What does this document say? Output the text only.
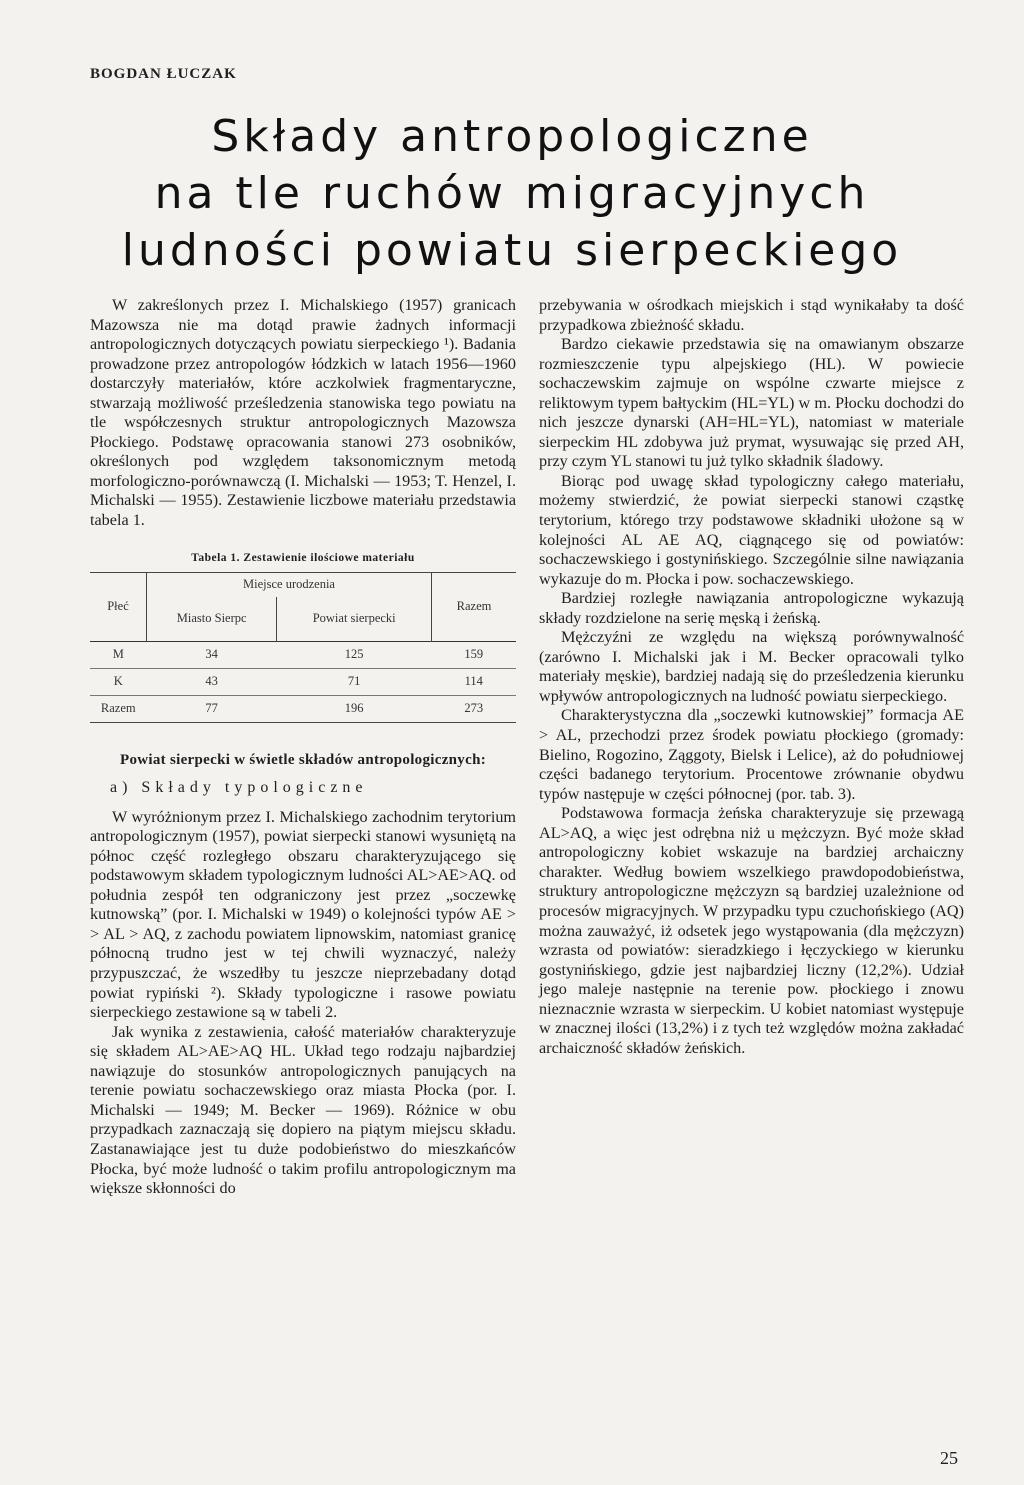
BOGDAN ŁUCZAK
Składy antropologiczne
na tle ruchów migracyjnych
ludności powiatu sierpeckiego

W zakreślonych przez I. Michalskiego (1957) granicach Mazowsza nie ma dotąd prawie żadnych informacji antropologicznych dotyczących powiatu sierpeckiego ¹). Badania prowadzone przez antropologów łódzkich w latach 1956—1960 dostarczyły materiałów, które aczkolwiek fragmentaryczne, stwarzają możliwość prześledzenia stanowiska tego powiatu na tle współczesnych struktur antropologicznych Mazowsza Płockiego. Podstawę opracowania stanowi 273 osobników, określonych pod względem taksonomicznym metodą morfologiczno-porównawczą (I. Michalski — 1953; T. Henzel, I. Michalski — 1955). Zestawienie liczbowe materiału przedstawia tabela 1.

Tabela 1. Zestawienie ilościowe materiału
Płeć	Miejsce urodzenia		Razem
	Miasto Sierpc	Powiat sierpecki	
M	34	125	159
K	43	71	114
Razem	77	196	273
Powiat sierpecki w świetle składów antropologicznych:
a) Składy typologiczne

W wyróżnionym przez I. Michalskiego zachodnim terytorium antropologicznym (1957), powiat sierpecki stanowi wysuniętą na północ część rozległego obszaru charakteryzującego się podstawowym składem typologicznym ludności AL>AE>AQ. od południa zespół ten odgraniczony jest przez „soczewkę kutnowską” (por. I. Michalski w 1949) o kolejności typów AE > > AL > AQ, z zachodu powiatem lipnowskim, natomiast granicę północną trudno jest w tej chwili wyznaczyć, należy przypuszczać, że wszedłby tu jeszcze nieprzebadany dotąd powiat rypiński ²). Składy typologiczne i rasowe powiatu sierpeckiego zestawione są w tabeli 2.

Jak wynika z zestawienia, całość materiałów charakteryzuje się składem AL>AE>AQ HL. Układ tego rodzaju najbardziej nawiązuje do stosunków antropologicznych panujących na terenie powiatu sochaczewskiego oraz miasta Płocka (por. I. Michalski — 1949; M. Becker — 1969). Różnice w obu przypadkach zaznaczają się dopiero na piątym miejscu składu. Zastanawiające jest tu duże podobieństwo do mieszkańców Płocka, być może ludność o takim profilu antropologicznym ma większe skłonności do

przebywania w ośrodkach miejskich i stąd wynikałaby ta dość przypadkowa zbieżność składu.

Bardzo ciekawie przedstawia się na omawianym obszarze rozmieszczenie typu alpejskiego (HL). W powiecie sochaczewskim zajmuje on wspólne czwarte miejsce z reliktowym typem bałtyckim (HL=YL) w m. Płocku dochodzi do nich jeszcze dynarski (AH=HL=YL), natomiast w materiale sierpeckim HL zdobywa już prymat, wysuwając się przed AH, przy czym YL stanowi tu już tylko składnik śladowy.

Biorąc pod uwagę skład typologiczny całego materiału, możemy stwierdzić, że powiat sierpecki stanowi cząstkę terytorium, którego trzy podstawowe składniki ułożone są w kolejności AL AE AQ, ciągnącego się od powiatów: sochaczewskiego i gostynińskiego. Szczególnie silne nawiązania wykazuje do m. Płocka i pow. sochaczewskiego.

Bardziej rozległe nawiązania antropologiczne wykazują składy rozdzielone na serię męską i żeńską.

Mężczyźni ze względu na większą porównywalność (zarówno I. Michalski jak i M. Becker opracowali tylko materiały męskie), bardziej nadają się do prześledzenia kierunku wpływów antropologicznych na ludność powiatu sierpeckiego.

Charakterystyczna dla „soczewki kutnowskiej” formacja AE > AL, przechodzi przez środek powiatu płockiego (gromady: Bielino, Rogozino, Ząggoty, Bielsk i Lelice), aż do południowej części badanego terytorium. Procentowe zrównanie obydwu typów następuje w części północnej (por. tab. 3).

Podstawowa formacja żeńska charakteryzuje się przewagą AL>AQ, a więc jest odrębna niż u mężczyzn. Być może skład antropologiczny kobiet wskazuje na bardziej archaiczny charakter. Według bowiem wszelkiego prawdopodobieństwa, struktury antropologiczne mężczyzn są bardziej uzależnione od procesów migracyjnych. W przypadku typu czuchońskiego (AQ) można zauważyć, iż odsetek jego wystąpowania (dla mężczyzn) wzrasta od powiatów: sieradzkiego i łęczyckiego w kierunku gostynińskiego, gdzie jest najbardziej liczny (12,2%). Udział jego maleje następnie na terenie pow. płockiego i znowu nieznacznie wzrasta w sierpeckim. U kobiet natomiast występuje w znacznej ilości (13,2%) i z tych też względów można zakładać archaiczność składów żeńskich.

25
